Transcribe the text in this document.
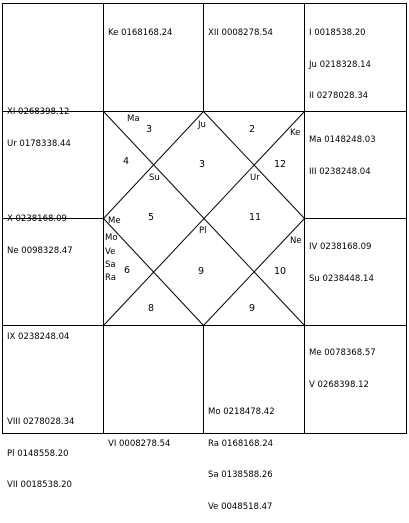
XI 0268398.12

Ur 0178338.44

Ke 0168168.24

	XII 0008278.54

	I 0018538.20

Ju 0218328.14

II 0278028.34

X 0238168.09

Ne 0098328.47

IX 0238248.04

Ma 0148248.03

III 0238248.04

IV 0238168.09

Su 0238448.14

VIII 0278028.34

Pl 0148558.20

VII 0018538.20

VI 0008278.54

Mo 0218478.42

Ra 0168168.24

Sa 0138588.26

Ve 0048518.47

Me 0078368.57

V 0268398.12

3	2
4	3	12
5	11
6	9	10
8	9
Ma
Ju
Ke
Su	Ur
Pl
Ne
Me
Mo
Ve
Sa
Ra
